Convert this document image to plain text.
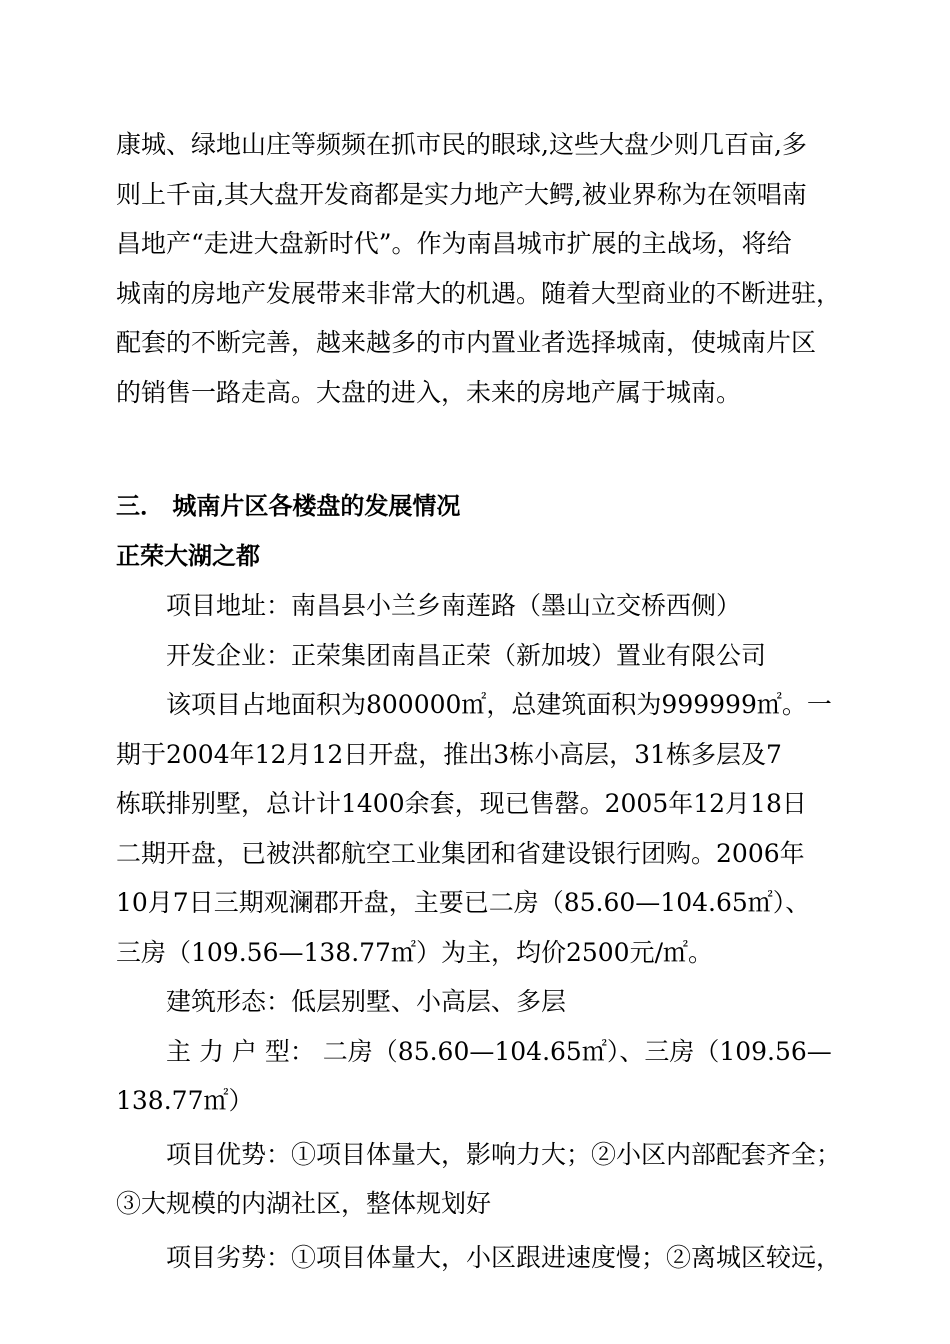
康城、绿地山庄等频频在抓市民的眼球,这些大盘少则几百亩,多

则上千亩,其大盘开发商都是实力地产大鳄,被业界称为在领唱南

昌地产“走进大盘新时代”。作为南昌城市扩展的主战场，将给

城南的房地产发展带来非常大的机遇。随着大型商业的不断进驻，

配套的不断完善，越来越多的市内置业者选择城南，使城南片区

的销售一路走高。大盘的进入，未来的房地产属于城南。

三． 城南片区各楼盘的发展情况
正荣大湖之都

项目地址：南昌县小兰乡南莲路（墨山立交桥西侧）

开发企业：正荣集团南昌正荣（新加坡）置业有限公司

该项目占地面积为800000㎡，总建筑面积为999999㎡。一

期于2004年12月12日开盘，推出3栋小高层，31栋多层及7

栋联排别墅，总计计1400余套，现已售罄。2005年12月18日

二期开盘，已被洪都航空工业集团和省建设银行团购。2006年

10月7日三期观澜郡开盘，主要已二房（85.60—104.65㎡）、

三房（109.56—138.77㎡）为主，均价2500元/㎡。

建筑形态：低层别墅、小高层、多层

主 力 户 型： 二房（85.60—104.65㎡）、三房（109.56—

138.77㎡）

项目优势：①项目体量大，影响力大；②小区内部配套齐全；

③大规模的内湖社区，整体规划好

项目劣势：①项目体量大，小区跟进速度慢；②离城区较远，
